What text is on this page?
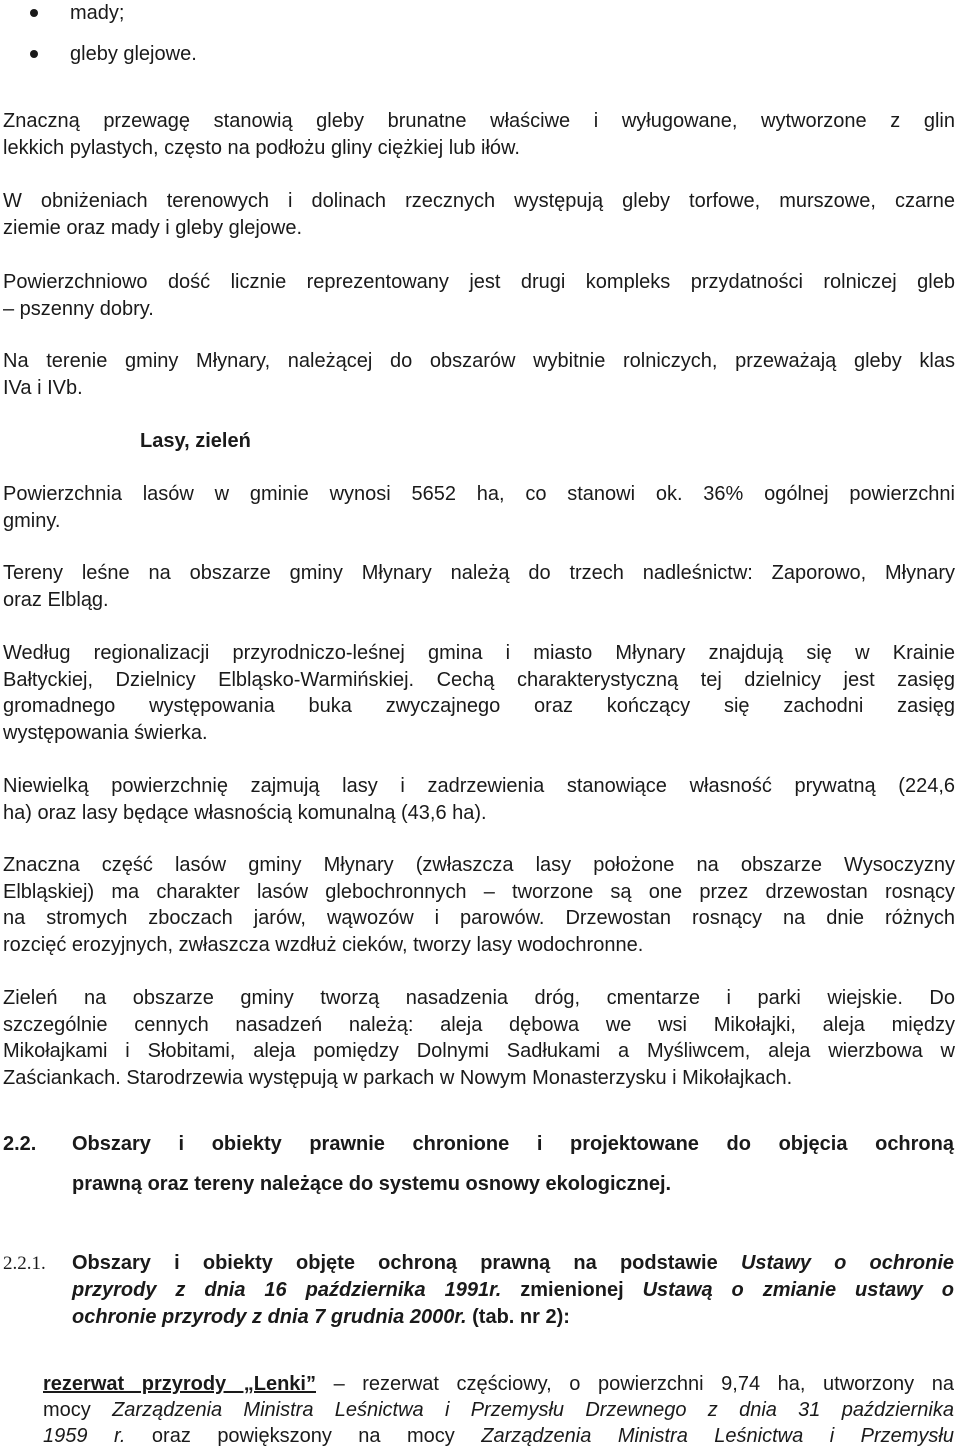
mady;
gleby glejowe.
Znaczną przewagę stanowią gleby brunatne właściwe i wyługowane, wytworzone z glin
lekkich pylastych, często na podłożu gliny ciężkiej lub iłów.
W obniżeniach terenowych i dolinach rzecznych występują gleby torfowe, murszowe, czarne
ziemie oraz mady i gleby glejowe.
Powierzchniowo dość licznie reprezentowany jest drugi kompleks przydatności rolniczej gleb
– pszenny dobry.
Na terenie gminy Młynary, należącej do obszarów wybitnie rolniczych, przeważają gleby klas
IVa i IVb.
Lasy, zieleń
Powierzchnia lasów w gminie wynosi 5652 ha, co stanowi ok. 36% ogólnej powierzchni
gminy.
Tereny leśne na obszarze gminy Młynary należą do trzech nadleśnictw: Zaporowo, Młynary
oraz Elbląg.
Według regionalizacji przyrodniczo-leśnej gmina i miasto Młynary znajdują się w Krainie
Bałtyckiej, Dzielnicy Elbląsko-Warmińskiej. Cechą charakterystyczną tej dzielnicy jest zasięg
gromadnego występowania buka zwyczajnego oraz kończący się zachodni zasięg
występowania świerka.
Niewielką powierzchnię zajmują lasy i zadrzewienia stanowiące własność prywatną (224,6
ha) oraz lasy będące własnością komunalną (43,6 ha).
Znaczna część lasów gminy Młynary (zwłaszcza lasy położone na obszarze Wysoczyzny
Elbląskiej) ma charakter lasów glebochronnych – tworzone są one przez drzewostan rosnący
na stromych zboczach jarów, wąwozów i parowów. Drzewostan rosnący na dnie różnych
rozcięć erozyjnych, zwłaszcza wzdłuż cieków, tworzy lasy wodochronne.
Zieleń na obszarze gminy tworzą nasadzenia dróg, cmentarze i parki wiejskie. Do
szczególnie cennych nasadzeń należą: aleja dębowa we wsi Mikołajki, aleja między
Mikołajkami i Słobitami, aleja pomiędzy Dolnymi Sadłukami a Myśliwcem, aleja wierzbowa w
Zaściankach. Starodrzewia występują w parkach w Nowym Monasterzysku i Mikołajkach.
2.2. Obszary i obiekty prawnie chronione i projektowane do objęcia ochroną
prawną oraz tereny należące do systemu osnowy ekologicznej.
2.2.1. Obszary i obiekty objęte ochroną prawną na podstawie Ustawy o ochronie
przyrody z dnia 16 października 1991r. zmienionej Ustawą o zmianie ustawy o
ochronie przyrody z dnia 7 grudnia 2000r. (tab. nr 2):
rezerwat przyrody „Lenki” – rezerwat częściowy, o powierzchni 9,74 ha, utworzony na
mocy Zarządzenia Ministra Leśnictwa i Przemysłu Drzewnego z dnia 31 października
1959 r. oraz powiększony na mocy Zarządzenia Ministra Leśnictwa i Przemysłu
